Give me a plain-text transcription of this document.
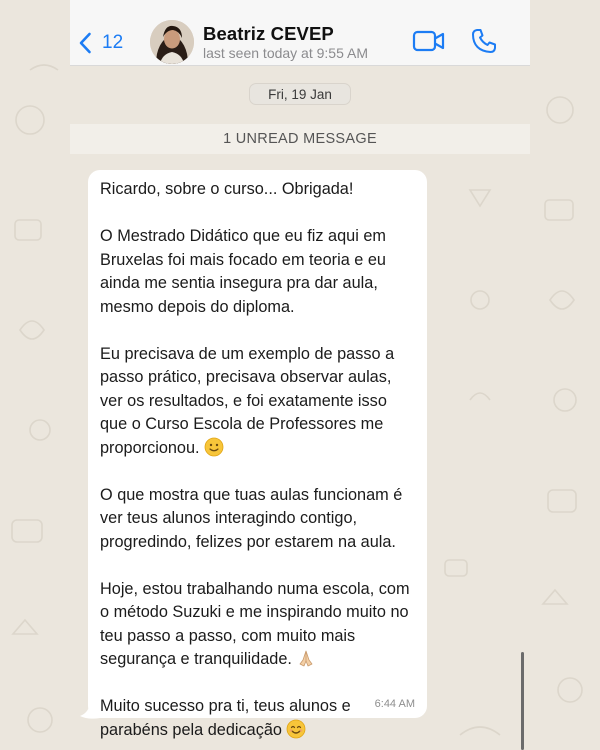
12	Beatriz CEVEP
last seen today at 9:55 AM
Fri, 19 Jan
1 UNREAD MESSAGE

Ricardo, sobre o curso... Obrigada!

O Mestrado Didático que eu fiz aqui em Bruxelas foi mais focado em teoria e eu ainda me sentia insegura pra dar aula, mesmo depois do diploma.

Eu precisava de um exemplo de passo a passo prático, precisava observar aulas, ver os resultados, e foi exatamente isso que o Curso Escola de Professores me proporcionou.

O que mostra que tuas aulas funcionam é ver teus alunos interagindo contigo, progredindo, felizes por estarem na aula.

Hoje, estou trabalhando numa escola, com o método Suzuki e me inspirando muito no teu passo a passo, com muito mais segurança e tranquilidade.

Muito sucesso pra ti, teus alunos e parabéns pela dedicação

6:44 AM
